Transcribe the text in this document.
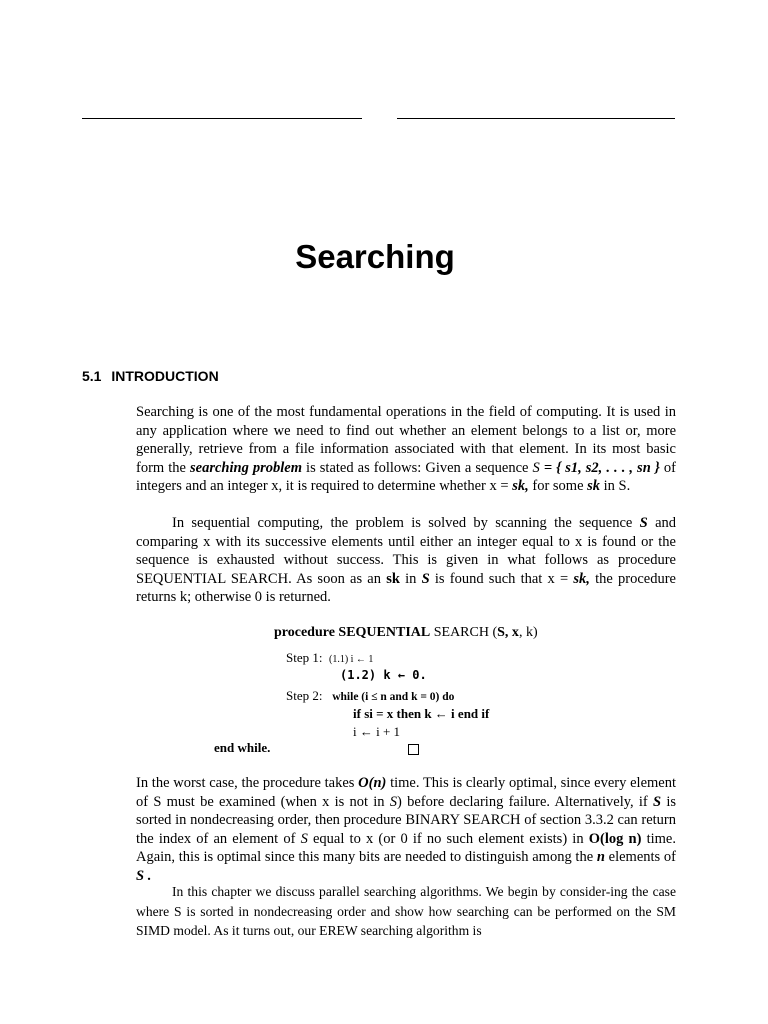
Searching
5.1 INTRODUCTION

Searching is one of the most fundamental operations in the field of computing. It is used in any application where we need to find out whether an element belongs to a list or, more generally, retrieve from a file information associated with that element. In its most basic form the searching problem is stated as follows: Given a sequence S = { s1, s2, . . . , sn } of integers and an integer x, it is required to determine whether x = sk, for some sk in S.

In sequential computing, the problem is solved by scanning the sequence S and comparing x with its successive elements until either an integer equal to x is found or the sequence is exhausted without success. This is given in what follows as procedure SEQUENTIAL SEARCH. As soon as an sk in S is found such that x = sk, the procedure returns k; otherwise 0 is returned.

procedure SEQUENTIAL SEARCH (S, x, k)
Step 1: (1.1) i ← 1
(1.2) k ← 0.
Step 2: while (i ≤ n and k = 0) do
if si = x then k ← i end if
i ← i + 1
end while.

In the worst case, the procedure takes O(n) time. This is clearly optimal, since every element of S must be examined (when x is not in S) before declaring failure. Alternatively, if S is sorted in nondecreasing order, then procedure BINARY SEARCH of section 3.3.2 can return the index of an element of S equal to x (or 0 if no such element exists) in O(log n) time. Again, this is optimal since this many bits are needed to distinguish among the n elements of S .

In this chapter we discuss parallel searching algorithms. We begin by consider-ing the case where S is sorted in nondecreasing order and show how searching can be performed on the SM SIMD model. As it turns out, our EREW searching algorithm is
